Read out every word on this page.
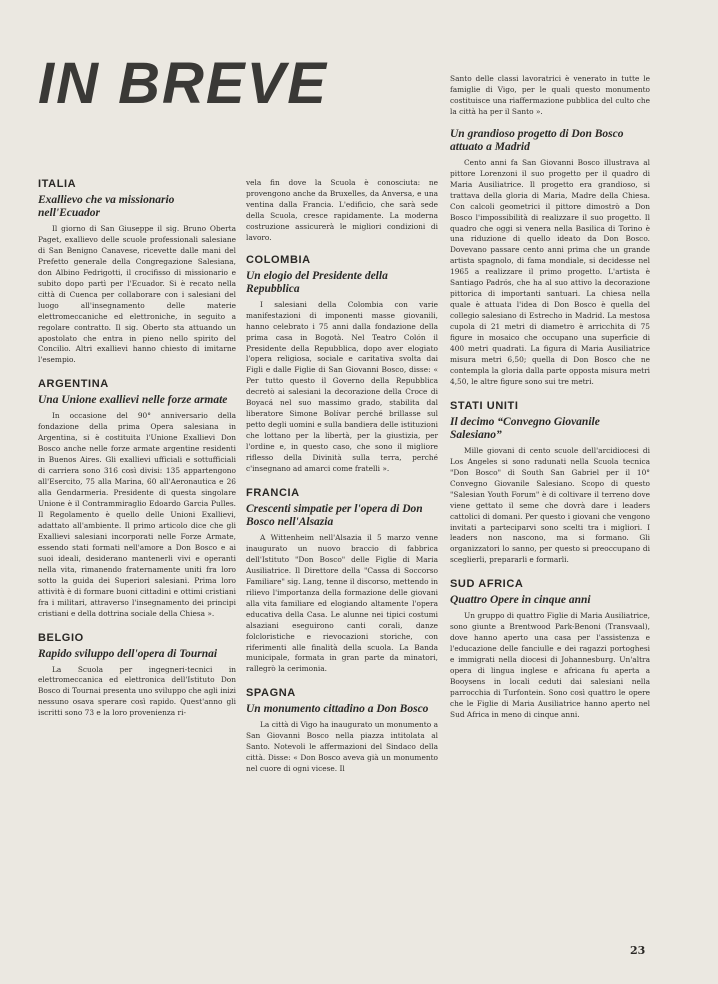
IN BREVE
ITALIA
Exallievo che va missionario nell'Ecuador

Il giorno di San Giuseppe il sig. Bruno Oberta Paget, exallievo delle scuole professionali salesiane di San Benigno Canavese, ricevette dalle mani del Prefetto generale della Congregazione Salesiana, don Albino Fedrigotti, il crocifisso di missionario e subito dopo partì per l'Ecuador. Si è recato nella città di Cuenca per collaborare con i salesiani del luogo all'insegnamento delle materie elettromeccaniche ed elettroniche, in seguito a regolare contratto. Il sig. Oberto sta attuando un apostolato che entra in pieno nello spirito del Concilio. Altri exallievi hanno chiesto di imitarne l'esempio.

ARGENTINA
Una Unione exallievi nelle forze armate

In occasione del 90° anniversario della fondazione della prima Opera salesiana in Argentina, si è costituita l'Unione Exallievi Don Bosco anche nelle forze armate argentine residenti in Buenos Aires. Gli exallievi ufficiali e sottufficiali di carriera sono 316 così divisi: 135 appartengono all'Esercito, 75 alla Marina, 60 all'Aeronautica e 26 alla Gendarmeria. Presidente di questa singolare Unione è il Contrammiraglio Edoardo Garcia Pulles. Il Regolamento è quello delle Unioni Exallievi, adattato all'ambiente. Il primo articolo dice che gli Exallievi salesiani incorporati nelle Forze Armate, essendo stati formati nell'amore a Don Bosco e ai suoi ideali, desiderano mantenerli vivi e operanti nella vita, rimanendo fraternamente uniti fra loro sotto la guida dei Superiori salesiani. Prima loro attività è di formare buoni cittadini e ottimi cristiani fra i militari, attraverso l'insegnamento dei principi cristiani e della dottrina sociale della Chiesa ».

BELGIO
Rapido sviluppo dell'opera di Tournai

La Scuola per ingegneri-tecnici in elettromeccanica ed elettronica dell'Istituto Don Bosco di Tournai presenta uno sviluppo che agli inizi nessuno osava sperare così rapido. Quest'anno gli iscritti sono 73 e la loro provenienza ri-

vela fin dove la Scuola è conosciuta: ne provengono anche da Bruxelles, da Anversa, e una ventina dalla Francia. L'edificio, che sarà sede della Scuola, cresce rapidamente. La moderna costruzione assicurerà le migliori condizioni di lavoro.

COLOMBIA
Un elogio del Presidente della Repubblica

I salesiani della Colombia con varie manifestazioni di imponenti masse giovanili, hanno celebrato i 75 anni dalla fondazione della prima casa in Bogotà. Nel Teatro Colón il Presidente della Repubblica, dopo aver elogiato l'opera religiosa, sociale e caritativa svolta dai Figli e dalle Figlie di San Giovanni Bosco, disse: « Per tutto questo il Governo della Repubblica decretò ai salesiani la decorazione della Croce di Boyacá nel suo massimo grado, stabilita dal liberatore Simone Bolívar perché brillasse sul petto degli uomini e sulla bandiera delle istituzioni che lottano per la libertà, per la giustizia, per l'ordine e, in questo caso, che sono il migliore riflesso della Divinità sulla terra, perché c'insegnano ad amarci come fratelli ».

FRANCIA
Crescenti simpatie per l'opera di Don Bosco nell'Alsazia

A Wittenheim nell'Alsazia il 5 marzo venne inaugurato un nuovo braccio di fabbrica dell'Istituto "Don Bosco" delle Figlie di Maria Ausiliatrice. Il Direttore della "Cassa di Soccorso Familiare" sig. Lang, tenne il discorso, mettendo in rilievo l'importanza della formazione delle giovani alla vita familiare ed elogiando altamente l'opera educativa della Casa. Le alunne nei tipici costumi alsaziani eseguirono canti corali, danze folcloristiche e rievocazioni storiche, con riferimenti alle finalità della scuola. La Banda municipale, formata in gran parte da minatori, rallegrò la cerimonia.

SPAGNA
Un monumento cittadino a Don Bosco

La città di Vigo ha inaugurato un monumento a San Giovanni Bosco nella piazza intitolata al Santo. Notevoli le affermazioni del Sindaco della città. Disse: « Don Bosco aveva già un monumento nel cuore di ogni vicese. Il

Santo delle classi lavoratrici è venerato in tutte le famiglie di Vigo, per le quali questo monumento costituisce una riaffermazione pubblica del culto che la città ha per il Santo ».

Un grandioso progetto di Don Bosco attuato a Madrid

Cento anni fa San Giovanni Bosco illustrava al pittore Lorenzoni il suo progetto per il quadro di Maria Ausiliatrice. Il progetto era grandioso, si trattava della gloria di Maria, Madre della Chiesa. Con calcoli geometrici il pittore dimostrò a Don Bosco l'impossibilità di realizzare il suo progetto. Il quadro che oggi si venera nella Basilica di Torino è una riduzione di quello ideato da Don Bosco. Dovevano passare cento anni prima che un grande artista spagnolo, di fama mondiale, si decidesse nel 1965 a realizzare il primo progetto. L'artista è Santiago Padrós, che ha al suo attivo la decorazione pittorica di importanti santuari. La chiesa nella quale è attuata l'idea di Don Bosco è quella del collegio salesiano di Estrecho in Madrid. La mestosa cupola di 21 metri di diametro è arricchita di 75 figure in mosaico che occupano una superficie di 400 metri quadrati. La figura di Maria Ausiliatrice misura metri 6,50; quella di Don Bosco che ne contempla la gloria dalla parte opposta misura metri 4,50, le altre figure sono sui tre metri.

STATI UNITI
Il decimo “Convegno Giovanile Salesiano”

Mille giovani di cento scuole dell'arcidiocesi di Los Angeles si sono radunati nella Scuola tecnica "Don Bosco" di South San Gabriel per il 10° Convegno Giovanile Salesiano. Scopo di questo "Salesian Youth Forum" è di coltivare il terreno dove viene gettato il seme che dovrà dare i leaders cattolici di domani. Per questo i giovani che vengono invitati a parteciparvi sono scelti tra i migliori. I leaders non nascono, ma si formano. Gli organizzatori lo sanno, per questo si preoccupano di sceglierli, prepararli e formarli.

SUD AFRICA
Quattro Opere in cinque anni

Un gruppo di quattro Figlie di Maria Ausiliatrice, sono giunte a Brentwood Park-Benoni (Transvaal), dove hanno aperto una casa per l'assistenza e l'educazione delle fanciulle e dei ragazzi portoghesi e immigrati nella diocesi di Johannesburg. Un'altra opera di lingua inglese e africana fu aperta a Booysens in locali ceduti dai salesiani nella parrocchia di Turfontein. Sono così quattro le opere che le Figlie di Maria Ausiliatrice hanno aperto nel Sud Africa in meno di cinque anni.

23
